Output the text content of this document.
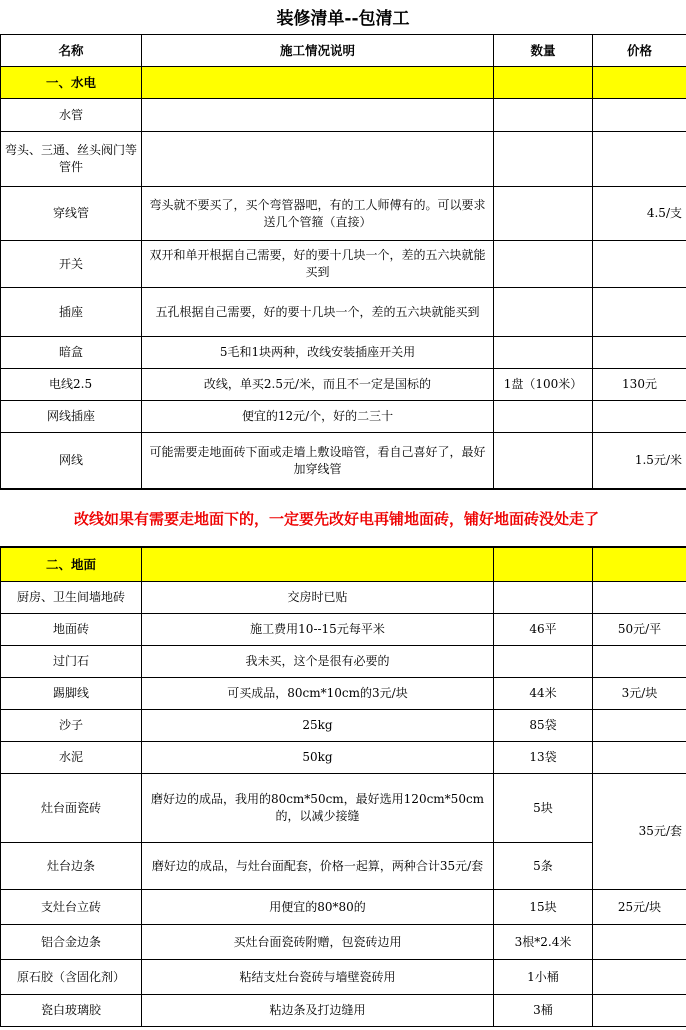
装修清单--包清工
名称	施工情况说明	数量	价格
一、水电			
水管			
弯头、三通、丝头阀门等管件			
穿线管	弯头就不要买了，买个弯管器吧，有的工人师傅有的。可以要求送几个管箍（直接）		4.5/支
开关	双开和单开根据自己需要，好的要十几块一个，差的五六块就能买到		
插座	五孔根据自己需要，好的要十几块一个，差的五六块就能买到		
暗盒	5毛和1块两种，改线安装插座开关用		
电线2.5	改线，单买2.5元/米，而且不一定是国标的	1盘（100米）	130元
网线插座	便宜的12元/个，好的二三十		
网线	可能需要走地面砖下面或走墙上敷设暗管，看自己喜好了，最好加穿线管		1.5元/米
改线如果有需要走地面下的，一定要先改好电再铺地面砖，铺好地面砖没处走了
二、地面			
厨房、卫生间墙地砖	交房时已贴		
地面砖	施工费用10--15元每平米	46平	50元/平
过门石	我未买，这个是很有必要的		
踢脚线	可买成品，80cm*10cm的3元/块	44米	3元/块
沙子	25kg	85袋	
水泥	50kg	13袋	
灶台面瓷砖	磨好边的成品，我用的80cm*50cm，最好选用120cm*50cm的，以减少接缝	5块	35元/套
灶台边条	磨好边的成品，与灶台面配套，价格一起算，两种合计35元/套	5条	
支灶台立砖	用便宜的80*80的	15块	25元/块
铝合金边条	买灶台面瓷砖附赠，包瓷砖边用	3根*2.4米	
原石胶（含固化剂）	粘结支灶台瓷砖与墙壁瓷砖用	1小桶	
瓷白玻璃胶	粘边条及打边缝用	3桶	
